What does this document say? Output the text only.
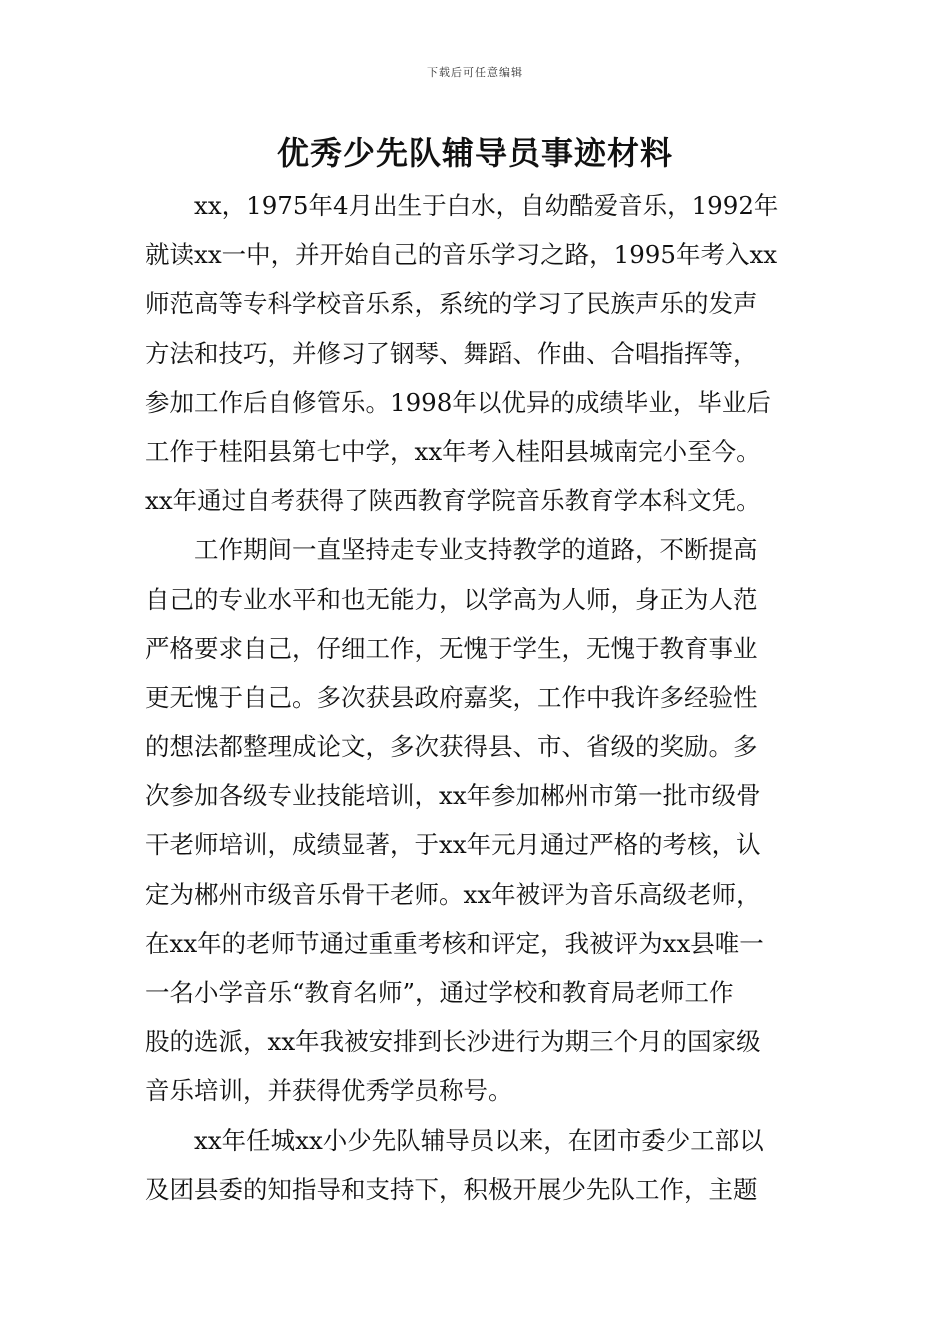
下载后可任意编辑
优秀少先队辅导员事迹材料
xx，1975年4月出生于白水，自幼酷爱音乐，1992年
就读xx一中，并开始自己的音乐学习之路，1995年考入xx
师范高等专科学校音乐系，系统的学习了民族声乐的发声
方法和技巧，并修习了钢琴、舞蹈、作曲、合唱指挥等，
参加工作后自修管乐。1998年以优异的成绩毕业，毕业后
工作于桂阳县第七中学，xx年考入桂阳县城南完小至今。
xx年通过自考获得了陕西教育学院音乐教育学本科文凭。
工作期间一直坚持走专业支持教学的道路，不断提高
自己的专业水平和也无能力，以学高为人师，身正为人范
严格要求自己，仔细工作，无愧于学生，无愧于教育事业
更无愧于自己。多次获县政府嘉奖，工作中我许多经验性
的想法都整理成论文，多次获得县、市、省级的奖励。多
次参加各级专业技能培训，xx年参加郴州市第一批市级骨
干老师培训，成绩显著，于xx年元月通过严格的考核，认
定为郴州市级音乐骨干老师。xx年被评为音乐高级老师，
在xx年的老师节通过重重考核和评定，我被评为xx县唯一
一名小学音乐“教育名师”，通过学校和教育局老师工作
股的选派，xx年我被安排到长沙进行为期三个月的国家级
音乐培训，并获得优秀学员称号。
xx年任城xx小少先队辅导员以来，在团市委少工部以
及团县委的知指导和支持下，积极开展少先队工作，主题
